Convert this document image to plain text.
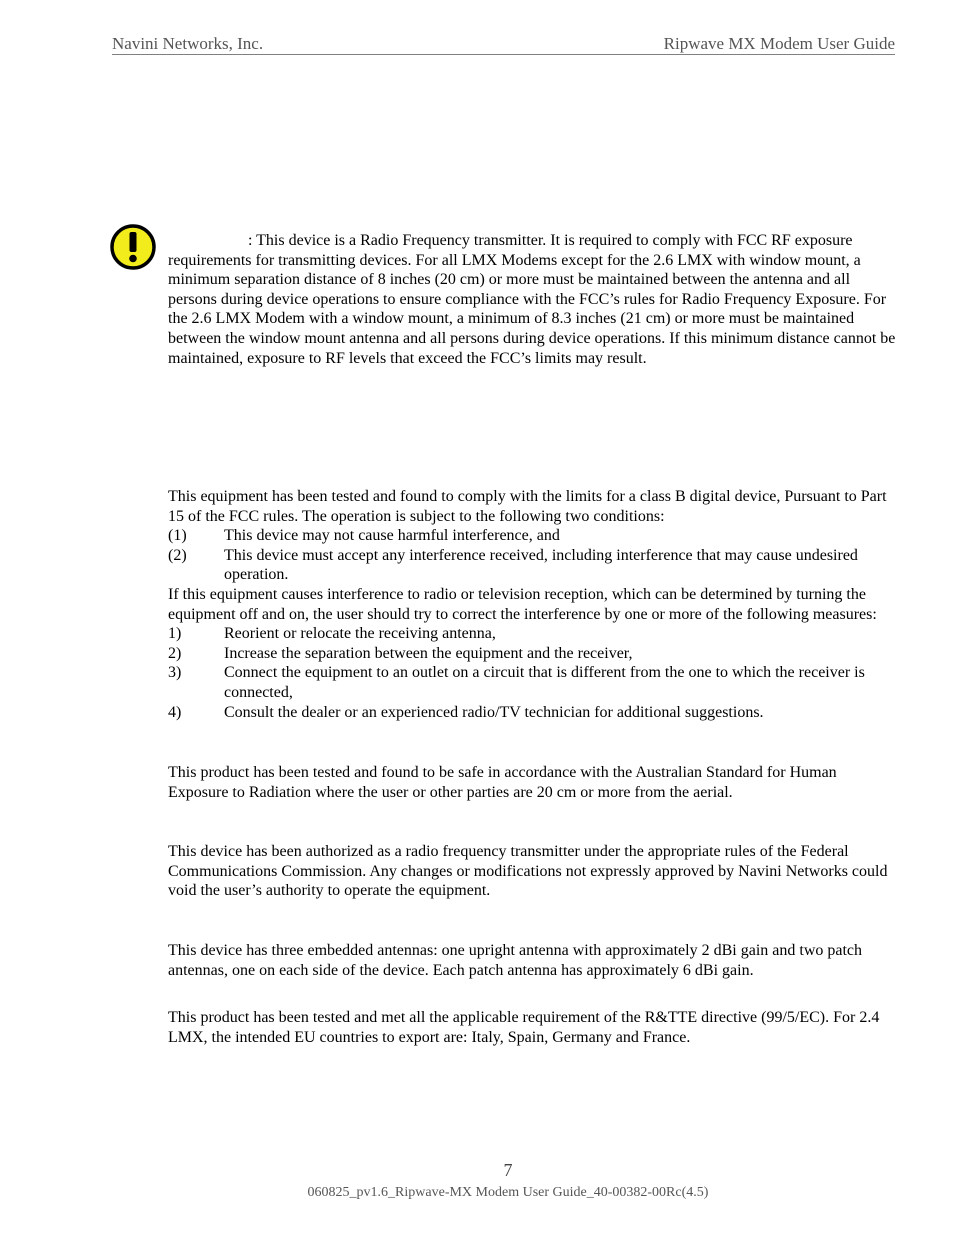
Navini Networks, Inc.	Ripwave MX Modem User Guide

: This device is a Radio Frequency transmitter. It is required to comply with FCC RF exposure requirements for transmitting devices. For all LMX Modems except for the 2.6 LMX with window mount, a minimum separation distance of 8 inches (20 cm) or more must be maintained between the antenna and all persons during device operations to ensure compliance with the FCC’s rules for Radio Frequency Exposure. For the 2.6 LMX Modem with a window mount, a minimum of 8.3 inches (21 cm) or more must be maintained between the window mount antenna and all persons during device operations. If this minimum distance cannot be maintained, exposure to RF levels that exceed the FCC’s limits may result.

This equipment has been tested and found to comply with the limits for a class B digital device, Pursuant to Part 15 of the FCC rules. The operation is subject to the following two conditions:
(1) This device may not cause harmful interference, and
(2) This device must accept any interference received, including interference that may cause undesired operation.
If this equipment causes interference to radio or television reception, which can be determined by turning the equipment off and on, the user should try to correct the interference by one or more of the following measures:
1)	Reorient or relocate the receiving antenna,
2)	Increase the separation between the equipment and the receiver,
3)	Connect the equipment to an outlet on a circuit that is different from the one to which the receiver is connected,
4)	Consult the dealer or an experienced radio/TV technician for additional suggestions.

This product has been tested and found to be safe in accordance with the Australian Standard for Human Exposure to Radiation where the user or other parties are 20 cm or more from the aerial.

This device has been authorized as a radio frequency transmitter under the appropriate rules of the Federal Communications Commission. Any changes or modifications not expressly approved by Navini Networks could void the user’s authority to operate the equipment.

This device has three embedded antennas: one upright antenna with approximately 2 dBi gain and two patch antennas, one on each side of the device. Each patch antenna has approximately 6 dBi gain.

This product has been tested and met all the applicable requirement of the R&TTE directive (99/5/EC). For 2.4 LMX, the intended EU countries to export are: Italy, Spain, Germany and France.

7
060825_pv1.6_Ripwave-MX Modem User Guide_40-00382-00Rc(4.5)
